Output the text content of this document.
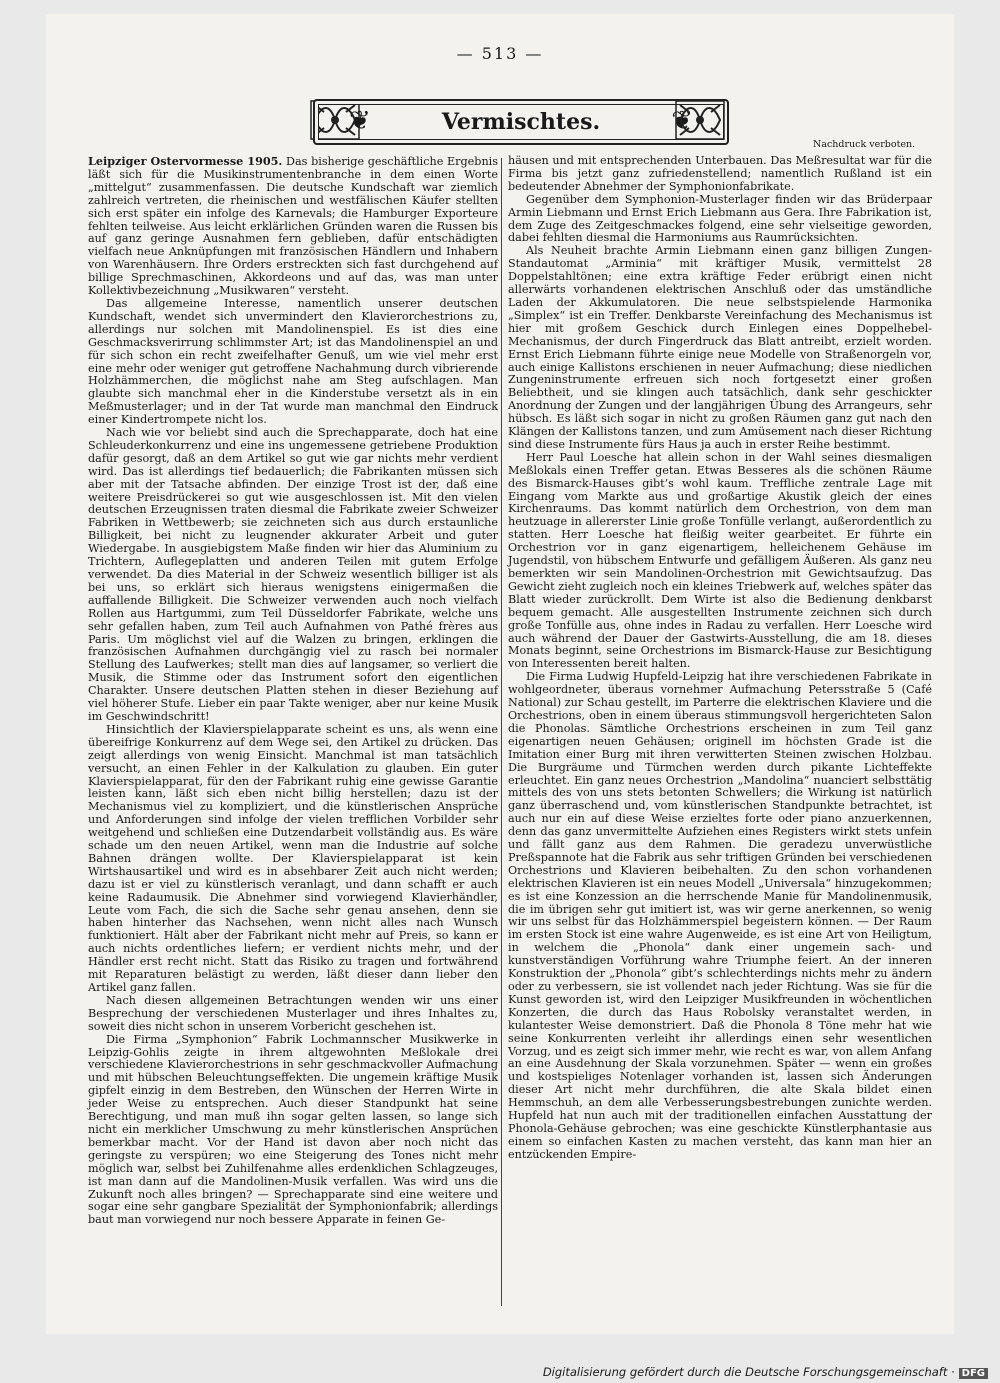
— 513 —
❦	Vermischtes.	❦
Nachdruck verboten.

Leipziger Ostervormesse 1905. Das bisherige geschäftliche Ergebnis läßt sich für die Musikinstrumentenbranche in dem einen Worte „mittelgut“ zusammenfassen. Die deutsche Kundschaft war ziemlich zahlreich vertreten, die rheinischen und westfälischen Käufer stellten sich erst später ein infolge des Karnevals; die Hamburger Exporteure fehlten teilweise. Aus leicht erklärlichen Gründen waren die Russen bis auf ganz geringe Ausnahmen fern geblieben, dafür entschädigten vielfach neue Anknüpfungen mit französischen Händlern und Inhabern von Warenhäusern. Ihre Orders erstreckten sich fast durchgehend auf billige Sprechmaschinen, Akkordeons und auf das, was man unter Kollektivbezeichnung „Musikwaren“ versteht.

Das allgemeine Interesse, namentlich unserer deutschen Kundschaft, wendet sich unvermindert den Klavierorchestrions zu, allerdings nur solchen mit Mandolinenspiel. Es ist dies eine Geschmacksverirrung schlimmster Art; ist das Mandolinenspiel an und für sich schon ein recht zweifelhafter Genuß, um wie viel mehr erst eine mehr oder weniger gut getroffene Nachahmung durch vibrierende Holzhämmerchen, die möglichst nahe am Steg aufschlagen. Man glaubte sich manchmal eher in die Kinderstube versetzt als in ein Meßmusterlager; und in der Tat wurde man manchmal den Eindruck einer Kindertrompete nicht los.

Nach wie vor beliebt sind auch die Sprechapparate, doch hat eine Schleuderkonkurrenz und eine ins ungemessene getriebene Produktion dafür gesorgt, daß an dem Artikel so gut wie gar nichts mehr verdient wird. Das ist allerdings tief bedauerlich; die Fabrikanten müssen sich aber mit der Tatsache abfinden. Der einzige Trost ist der, daß eine weitere Preisdrückerei so gut wie ausgeschlossen ist. Mit den vielen deutschen Erzeugnissen traten diesmal die Fabrikate zweier Schweizer Fabriken in Wettbewerb; sie zeichneten sich aus durch erstaunliche Billigkeit, bei nicht zu leugnender akkurater Arbeit und guter Wiedergabe. In ausgiebigstem Maße finden wir hier das Aluminium zu Trichtern, Auflegeplatten und anderen Teilen mit gutem Erfolge verwendet. Da dies Material in der Schweiz wesentlich billiger ist als bei uns, so erklärt sich hieraus wenigstens einigermaßen die auffallende Billigkeit. Die Schweizer verwenden auch noch vielfach Rollen aus Hartgummi, zum Teil Düsseldorfer Fabrikate, welche uns sehr gefallen haben, zum Teil auch Aufnahmen von Pathé frères aus Paris. Um möglichst viel auf die Walzen zu bringen, erklingen die französischen Aufnahmen durchgängig viel zu rasch bei normaler Stellung des Laufwerkes; stellt man dies auf langsamer, so verliert die Musik, die Stimme oder das Instrument sofort den eigentlichen Charakter. Unsere deutschen Platten stehen in dieser Beziehung auf viel höherer Stufe. Lieber ein paar Takte weniger, aber nur keine Musik im Geschwindschritt!

Hinsichtlich der Klavierspielapparate scheint es uns, als wenn eine übereifrige Konkurrenz auf dem Wege sei, den Artikel zu drücken. Das zeigt allerdings von wenig Einsicht. Manchmal ist man tatsächlich versucht, an einen Fehler in der Kalkulation zu glauben. Ein guter Klavierspielapparat, für den der Fabrikant ruhig eine gewisse Garantie leisten kann, läßt sich eben nicht billig herstellen; dazu ist der Mechanismus viel zu kompliziert, und die künstlerischen Ansprüche und Anforderungen sind infolge der vielen trefflichen Vorbilder sehr weitgehend und schließen eine Dutzendarbeit vollständig aus. Es wäre schade um den neuen Artikel, wenn man die Industrie auf solche Bahnen drängen wollte. Der Klavierspielapparat ist kein Wirtshausartikel und wird es in absehbarer Zeit auch nicht werden; dazu ist er viel zu künstlerisch veranlagt, und dann schafft er auch keine Radaumusik. Die Abnehmer sind vorwiegend Klavierhändler, Leute vom Fach, die sich die Sache sehr genau ansehen, denn sie haben hinterher das Nachsehen, wenn nicht alles nach Wunsch funktioniert. Hält aber der Fabrikant nicht mehr auf Preis, so kann er auch nichts ordentliches liefern; er verdient nichts mehr, und der Händler erst recht nicht. Statt das Risiko zu tragen und fortwährend mit Reparaturen belästigt zu werden, läßt dieser dann lieber den Artikel ganz fallen.

Nach diesen allgemeinen Betrachtungen wenden wir uns einer Besprechung der verschiedenen Musterlager und ihres Inhaltes zu, soweit dies nicht schon in unserem Vorbericht geschehen ist.

Die Firma „Symphonion“ Fabrik Lochmannscher Musikwerke in Leipzig-Gohlis zeigte in ihrem altgewohnten Meßlokale drei verschiedene Klavierorchestrions in sehr geschmackvoller Aufmachung und mit hübschen Beleuchtungseffekten. Die ungemein kräftige Musik gipfelt einzig in dem Bestreben, den Wünschen der Herren Wirte in jeder Weise zu entsprechen. Auch dieser Standpunkt hat seine Berechtigung, und man muß ihn sogar gelten lassen, so lange sich nicht ein merklicher Umschwung zu mehr künstlerischen Ansprüchen bemerkbar macht. Vor der Hand ist davon aber noch nicht das geringste zu verspüren; wo eine Steigerung des Tones nicht mehr möglich war, selbst bei Zuhilfenahme alles erdenklichen Schlagzeuges, ist man dann auf die Mandolinen-Musik verfallen. Was wird uns die Zukunft noch alles bringen? — Sprechapparate sind eine weitere und sogar eine sehr gangbare Spezialität der Symphonionfabrik; allerdings baut man vorwiegend nur noch bessere Apparate in feinen Ge-

häusen und mit entsprechenden Unterbauen. Das Meßresultat war für die Firma bis jetzt ganz zufriedenstellend; namentlich Rußland ist ein bedeutender Abnehmer der Symphonionfabrikate.

Gegenüber dem Symphonion-Musterlager finden wir das Brüderpaar Armin Liebmann und Ernst Erich Liebmann aus Gera. Ihre Fabrikation ist, dem Zuge des Zeitgeschmackes folgend, eine sehr vielseitige geworden, dabei fehlten diesmal die Harmoniums aus Raumrücksichten.

Als Neuheit brachte Armin Liebmann einen ganz billigen Zungen-Standautomat „Arminia“ mit kräftiger Musik, vermittelst 28 Doppelstahltönen; eine extra kräftige Feder erübrigt einen nicht allerwärts vorhandenen elektrischen Anschluß oder das umständliche Laden der Akkumulatoren. Die neue selbstspielende Harmonika „Simplex“ ist ein Treffer. Denkbarste Vereinfachung des Mechanismus ist hier mit großem Geschick durch Einlegen eines Doppelhebel-Mechanismus, der durch Fingerdruck das Blatt antreibt, erzielt worden. Ernst Erich Liebmann führte einige neue Modelle von Straßenorgeln vor, auch einige Kallistons erschienen in neuer Aufmachung; diese niedlichen Zungeninstrumente erfreuen sich noch fortgesetzt einer großen Beliebtheit, und sie klingen auch tatsächlich, dank sehr geschickter Anordnung der Zungen und der langjährigen Übung des Arrangeurs, sehr hübsch. Es läßt sich sogar in nicht zu großen Räumen ganz gut nach den Klängen der Kallistons tanzen, und zum Amüsement nach dieser Richtung sind diese Instrumente fürs Haus ja auch in erster Reihe bestimmt.

Herr Paul Loesche hat allein schon in der Wahl seines diesmaligen Meßlokals einen Treffer getan. Etwas Besseres als die schönen Räume des Bismarck-Hauses gibt’s wohl kaum. Treffliche zentrale Lage mit Eingang vom Markte aus und großartige Akustik gleich der eines Kirchenraums. Das kommt natürlich dem Orchestrion, von dem man heutzuage in allererster Linie große Tonfülle verlangt, außerordentlich zu statten. Herr Loesche hat fleißig weiter gearbeitet. Er führte ein Orchestrion vor in ganz eigenartigem, helleichenem Gehäuse im Jugendstil, von hübschem Entwurfe und gefälligem Äußeren. Als ganz neu bemerkten wir sein Mandolinen-Orchestrion mit Gewichtsaufzug. Das Gewicht zieht zugleich noch ein kleines Triebwerk auf, welches später das Blatt wieder zurückrollt. Dem Wirte ist also die Bedienung denkbarst bequem gemacht. Alle ausgestellten Instrumente zeichnen sich durch große Tonfülle aus, ohne indes in Radau zu verfallen. Herr Loesche wird auch während der Dauer der Gastwirts-Ausstellung, die am 18. dieses Monats beginnt, seine Orchestrions im Bismarck-Hause zur Besichtigung von Interessenten bereit halten.

Die Firma Ludwig Hupfeld-Leipzig hat ihre verschiedenen Fabrikate in wohlgeordneter, überaus vornehmer Aufmachung Petersstraße 5 (Café National) zur Schau gestellt, im Parterre die elektrischen Klaviere und die Orchestrions, oben in einem überaus stimmungsvoll hergerichteten Salon die Phonolas. Sämtliche Orchestrions erscheinen in zum Teil ganz eigenartigen neuen Gehäusen; originell im höchsten Grade ist die Imitation einer Burg mit ihren verwitterten Steinen zwischen Holzbau. Die Burgräume und Türmchen werden durch pikante Lichteffekte erleuchtet. Ein ganz neues Orchestrion „Mandolina“ nuanciert selbsttätig mittels des von uns stets betonten Schwellers; die Wirkung ist natürlich ganz überraschend und, vom künstlerischen Standpunkte betrachtet, ist auch nur ein auf diese Weise erzieltes forte oder piano anzuerkennen, denn das ganz unvermittelte Aufziehen eines Registers wirkt stets unfein und fällt ganz aus dem Rahmen. Die geradezu unverwüstliche Preßspannote hat die Fabrik aus sehr triftigen Gründen bei verschiedenen Orchestrions und Klavieren beibehalten. Zu den schon vorhandenen elektrischen Klavieren ist ein neues Modell „Universala“ hinzugekommen; es ist eine Konzession an die herrschende Manie für Mandolinenmusik, die im übrigen sehr gut imitiert ist, was wir gerne anerkennen, so wenig wir uns selbst für das Holzhämmerspiel begeistern können. — Der Raum im ersten Stock ist eine wahre Augenweide, es ist eine Art von Heiligtum, in welchem die „Phonola“ dank einer ungemein sach- und kunstverständigen Vorführung wahre Triumphe feiert. An der inneren Konstruktion der „Phonola“ gibt’s schlechterdings nichts mehr zu ändern oder zu verbessern, sie ist vollendet nach jeder Richtung. Was sie für die Kunst geworden ist, wird den Leipziger Musikfreunden in wöchentlichen Konzerten, die durch das Haus Robolsky veranstaltet werden, in kulantester Weise demonstriert. Daß die Phonola 8 Töne mehr hat wie seine Konkurrenten verleiht ihr allerdings einen sehr wesentlichen Vorzug, und es zeigt sich immer mehr, wie recht es war, von allem Anfang an eine Ausdehnung der Skala vorzunehmen. Später — wenn ein großes und kostspieliges Notenlager vorhanden ist, lassen sich Änderungen dieser Art nicht mehr durchführen, die alte Skala bildet einen Hemmschuh, an dem alle Verbesserungsbestrebungen zunichte werden. Hupfeld hat nun auch mit der traditionellen einfachen Ausstattung der Phonola-Gehäuse gebrochen; was eine geschickte Künstlerphantasie aus einem so einfachen Kasten zu machen versteht, das kann man hier an entzückenden Empire-

Digitalisierung gefördert durch die Deutsche Forschungsgemeinschaft · DFG
